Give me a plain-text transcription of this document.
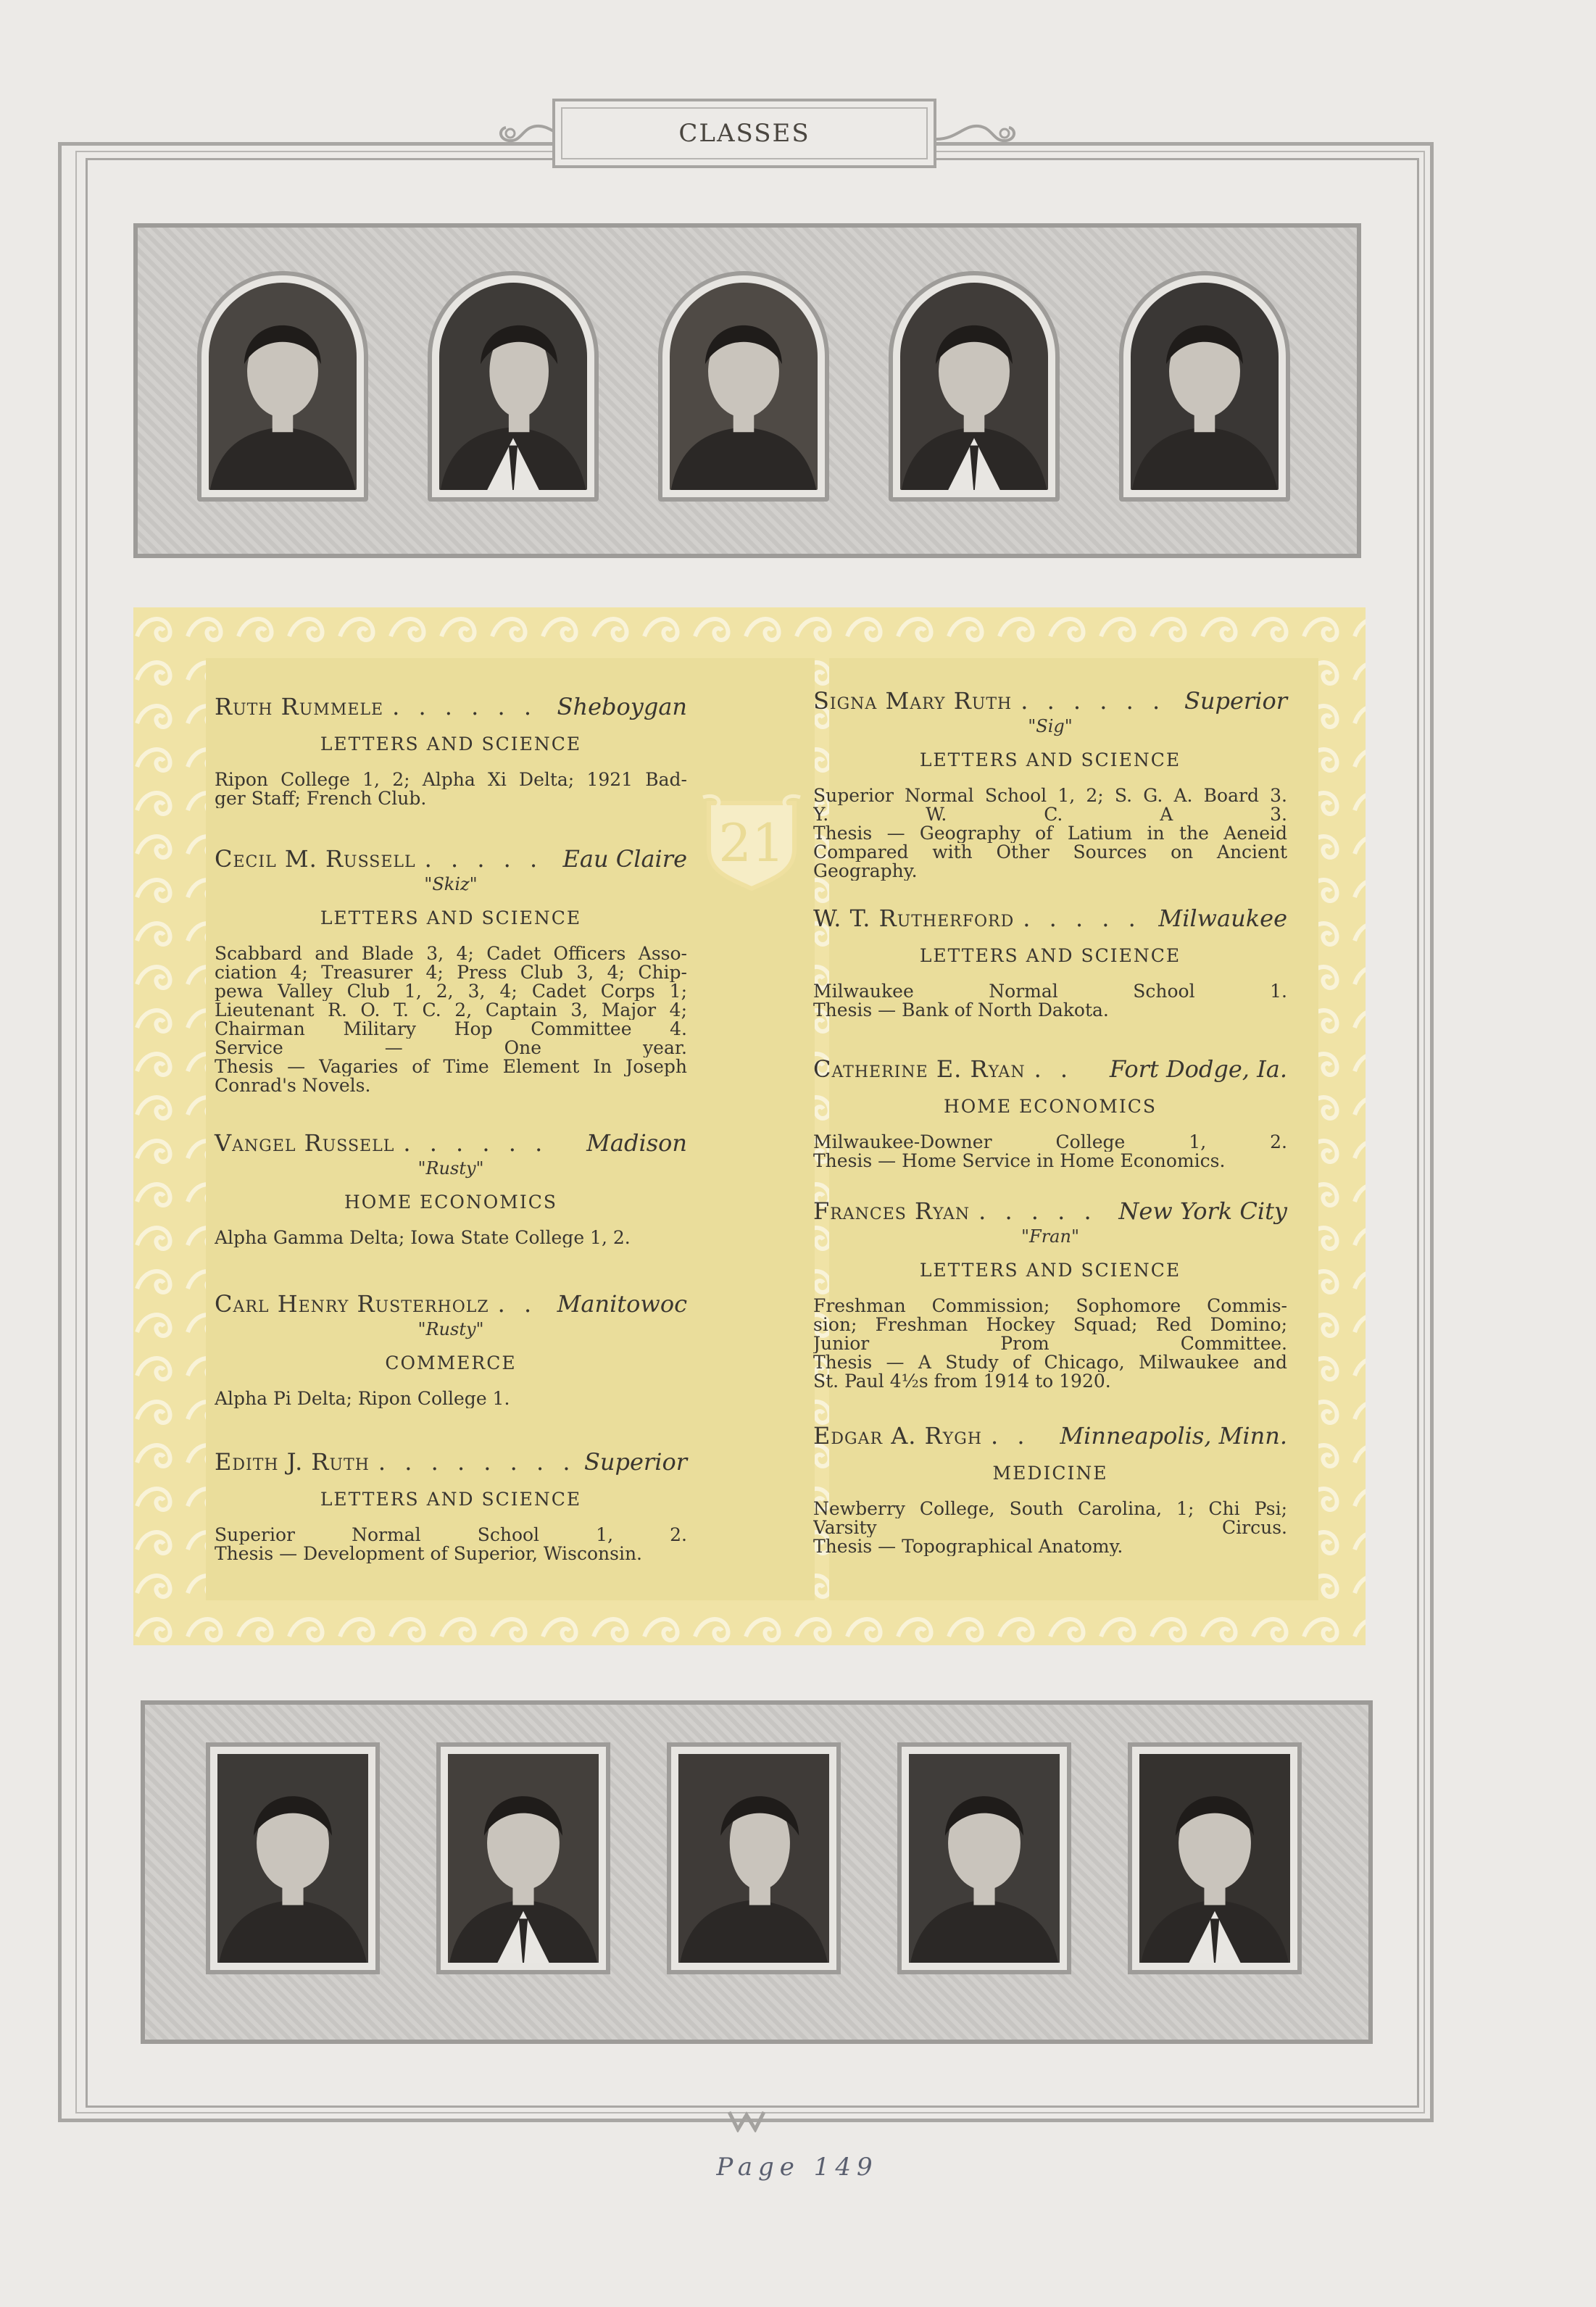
CLASSES
21
Ruth Rummele . . . . . . Sheboygan
LETTERS AND SCIENCE
Ripon College 1, 2; Alpha Xi Delta; 1921 Bad-
ger Staff; French Club.
Cecil M. Russell . . . . . Eau Claire
"Skiz"
LETTERS AND SCIENCE
Scabbard and Blade 3, 4; Cadet Officers Asso-
ciation 4; Treasurer 4; Press Club 3, 4; Chip-
pewa Valley Club 1, 2, 3, 4; Cadet Corps 1;
Lieutenant R. O. T. C. 2, Captain 3, Major 4;
Chairman Military Hop Committee 4.
Service — One year.
Thesis — Vagaries of Time Element In Joseph
Conrad's Novels.
Vangel Russell . . . . . .	Madison
"Rusty"
HOME ECONOMICS
Alpha Gamma Delta; Iowa State College 1, 2.
Carl Henry Rusterholz . . Manitowoc
"Rusty"
COMMERCE
Alpha Pi Delta; Ripon College 1.
Edith J. Ruth . . . . . . . . Superior
LETTERS AND SCIENCE
Superior Normal School 1, 2.
Thesis — Development of Superior, Wisconsin.
Signa Mary Ruth . . . . . . Superior
"Sig"
LETTERS AND SCIENCE
Superior Normal School 1, 2; S. G. A. Board 3.
Y. W. C. A 3.
Thesis — Geography of Latium in the Aeneid
Compared with Other Sources on Ancient
Geography.
W. T. Rutherford . . . . . Milwaukee
LETTERS AND SCIENCE
Milwaukee Normal School 1.
Thesis — Bank of North Dakota.
Catherine E. Ryan . .	Fort Dodge, Ia.
HOME ECONOMICS
Milwaukee-Downer College 1, 2.
Thesis — Home Service in Home Economics.
Frances Ryan . . . . . New York City
"Fran"
LETTERS AND SCIENCE
Freshman Commission; Sophomore Commis-
sion; Freshman Hockey Squad; Red Domino;
Junior Prom Committee.
Thesis — A Study of Chicago, Milwaukee and
St. Paul 4½s from 1914 to 1920.
Edgar A. Rygh . .	Minneapolis, Minn.
MEDICINE
Newberry College, South Carolina, 1; Chi Psi;
Varsity Circus.
Thesis — Topographical Anatomy.
Page 149
